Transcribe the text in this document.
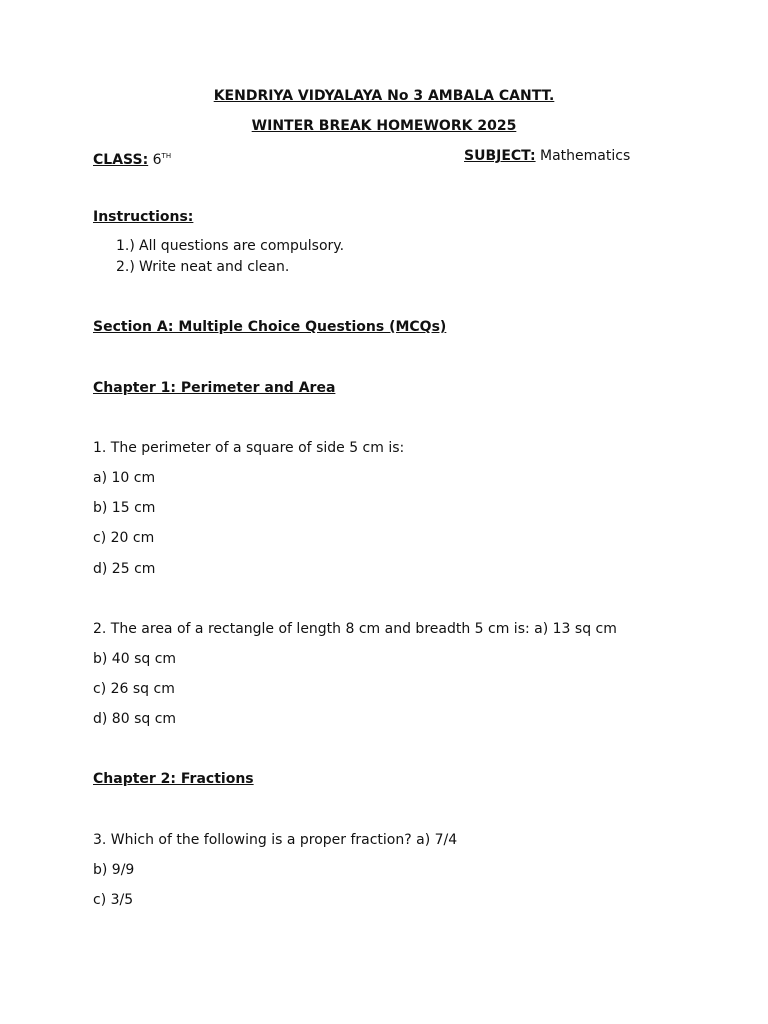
KENDRIYA VIDYALAYA No 3 AMBALA CANTT.
WINTER BREAK HOMEWORK 2025
CLASS: 6TH	SUBJECT: Mathematics
Instructions:
1.) All questions are compulsory.
2.) Write neat and clean.
Section A: Multiple Choice Questions (MCQs)
Chapter 1: Perimeter and Area
1. The perimeter of a square of side 5 cm is:
a) 10 cm
b) 15 cm
c) 20 cm
d) 25 cm
2. The area of a rectangle of length 8 cm and breadth 5 cm is: a) 13 sq cm
b) 40 sq cm
c) 26 sq cm
d) 80 sq cm
Chapter 2: Fractions
3. Which of the following is a proper fraction? a) 7/4
b) 9/9
c) 3/5
